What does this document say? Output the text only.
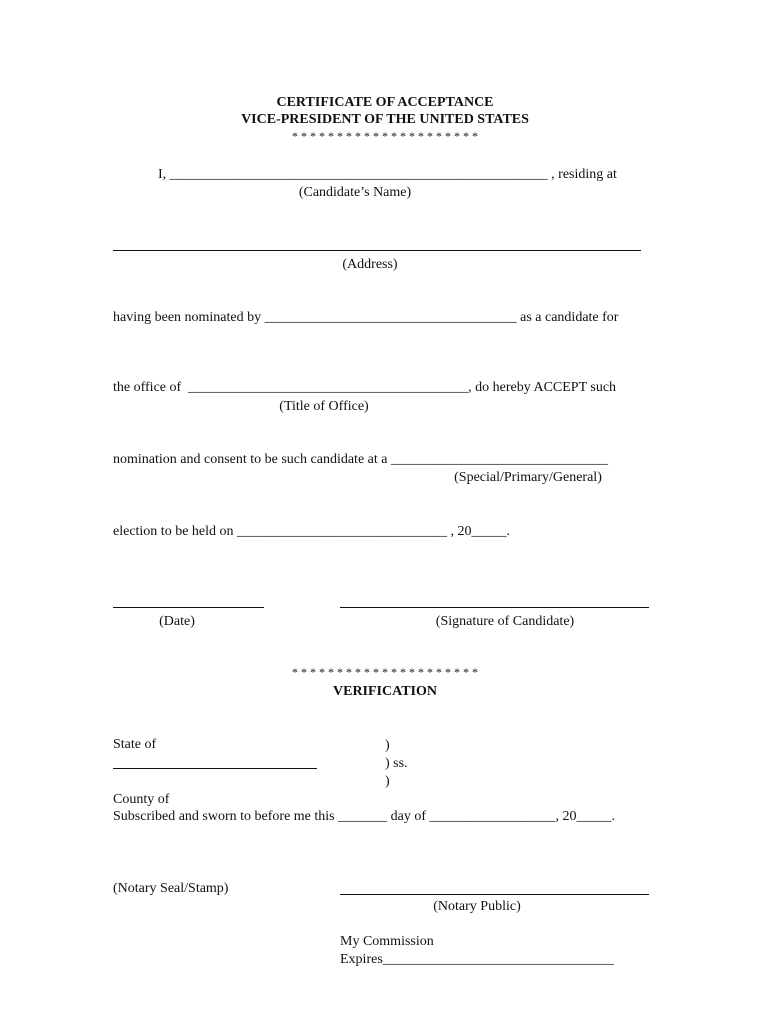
CERTIFICATE OF ACCEPTANCE
VICE-PRESIDENT OF THE UNITED STATES
* * * * * * * * * * * * * * * * * * * * *
I, ______________________________________________________ , residing at
(Candidate’s Name)
(Address)
having been nominated by ____________________________________ as a candidate for
the office of  ________________________________________, do hereby ACCEPT such
(Title of Office)
nomination and consent to be such candidate at a _______________________________
(Special/Primary/General)
election to be held on ______________________________ , 20_____.
(Date)	(Signature of Candidate)
* * * * * * * * * * * * * * * * * * * * *
VERIFICATION
State of	)
) ss.
)
County of
Subscribed and sworn to before me this _______ day of __________________, 20_____.
(Notary Seal/Stamp)
(Notary Public)
My Commission
Expires_________________________________
